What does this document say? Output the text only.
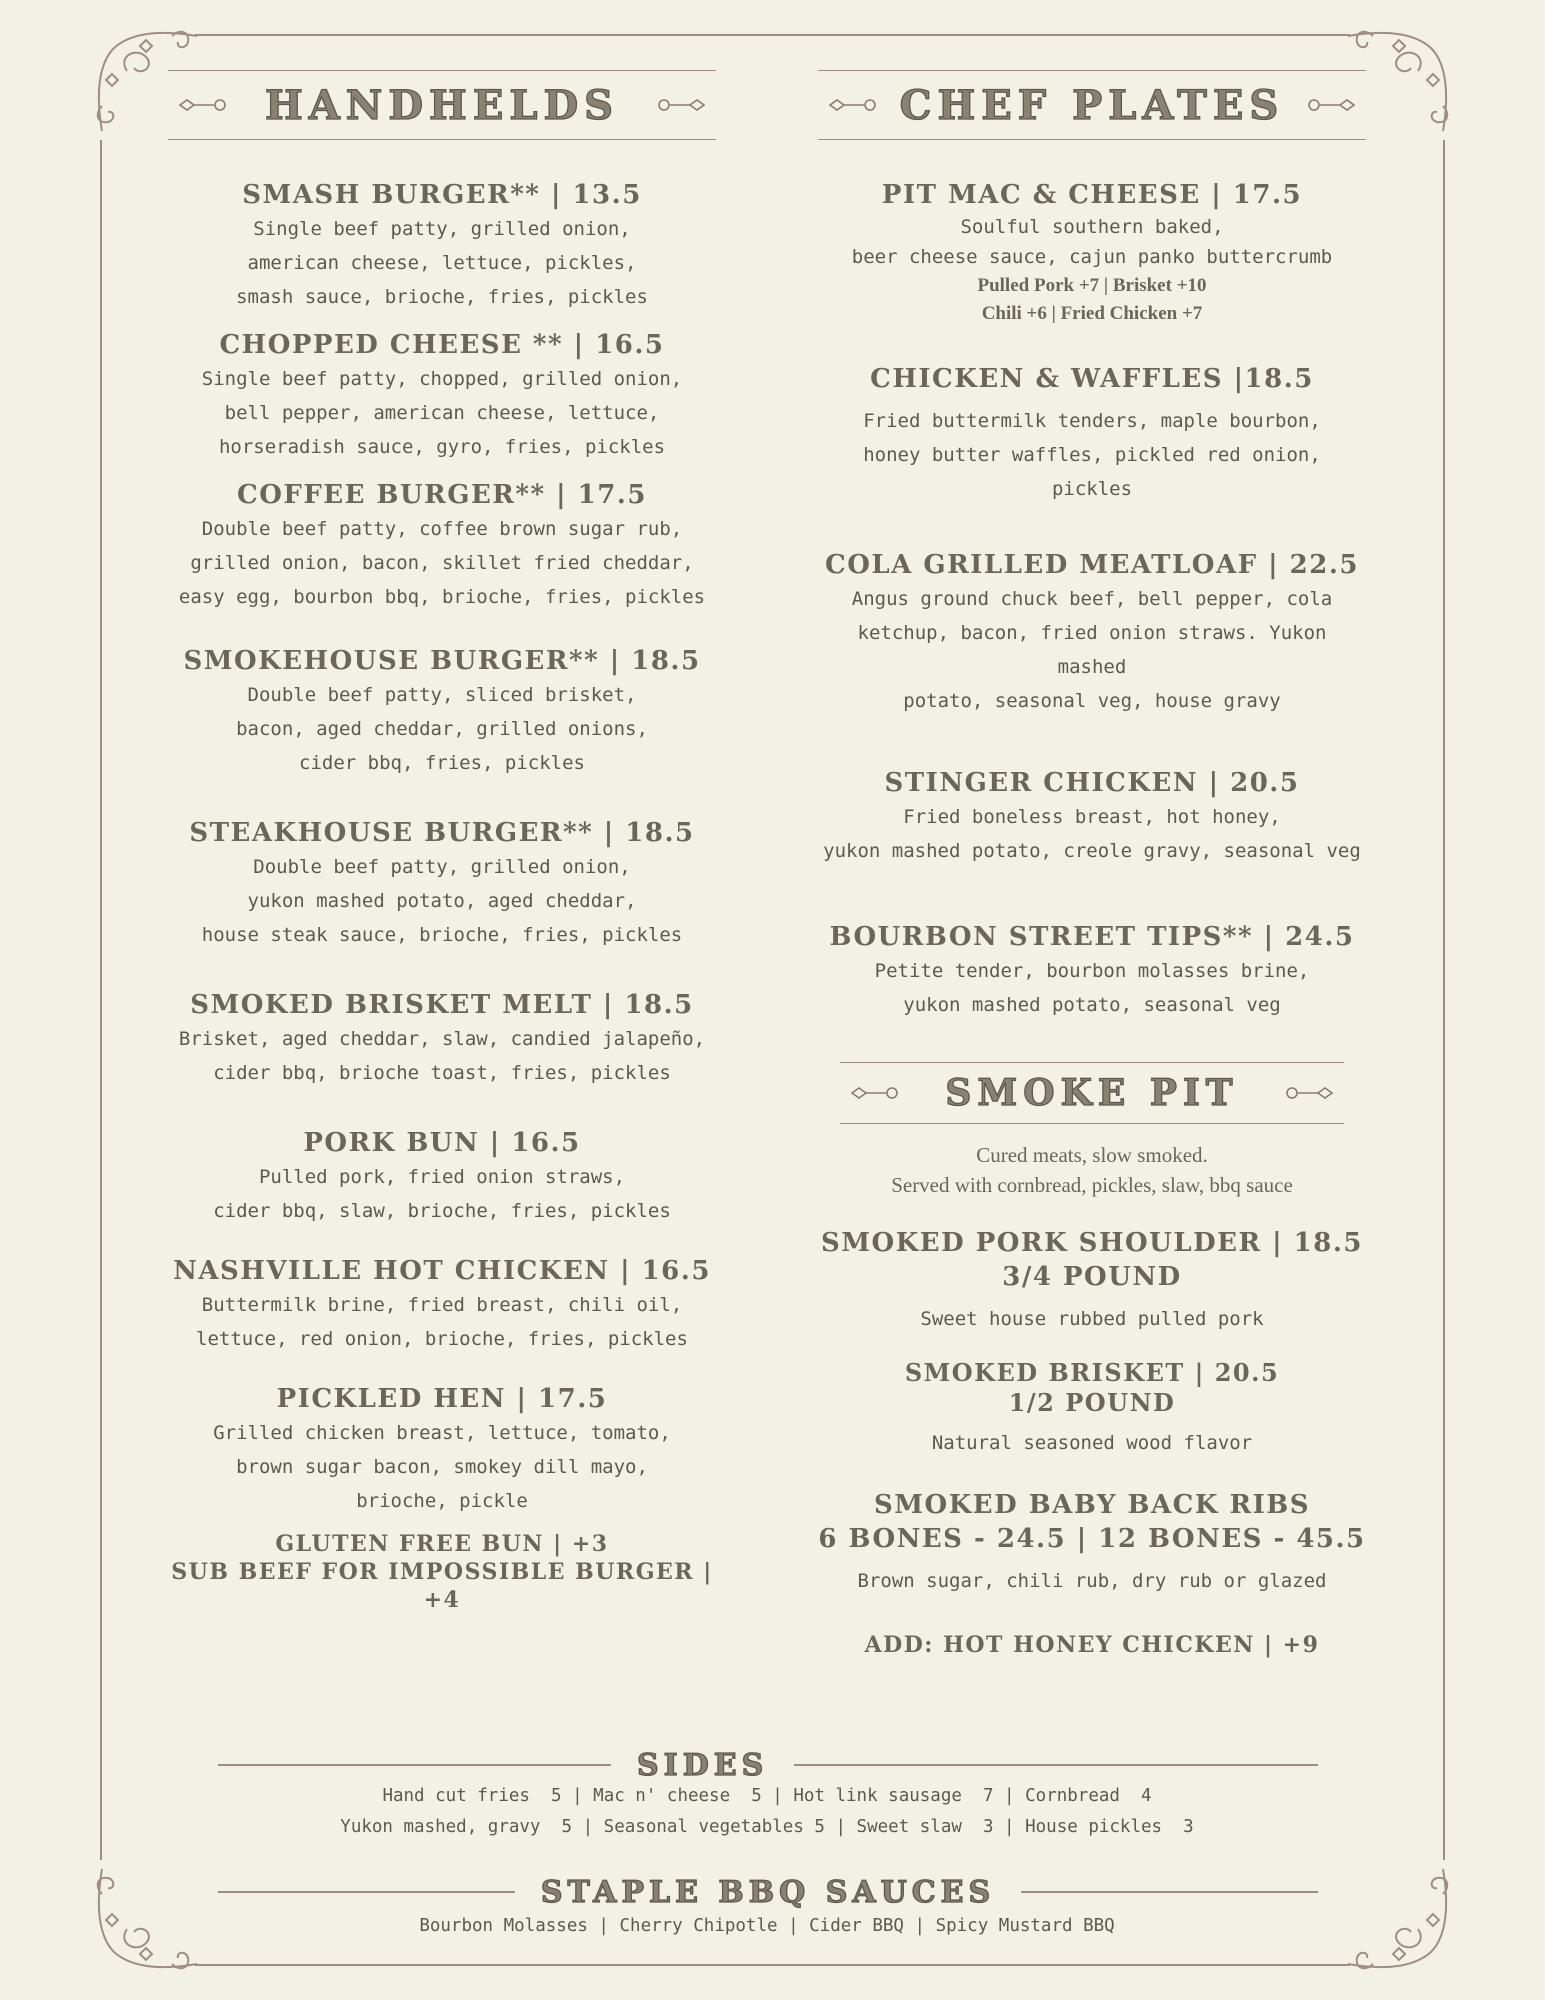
HANDHELDS
SMASH BURGER** | 13.5
Single beef patty, grilled onion,
american cheese, lettuce, pickles,
smash sauce, brioche, fries, pickles
CHOPPED CHEESE ** | 16.5
Single beef patty, chopped, grilled onion,
bell pepper, american cheese, lettuce,
horseradish sauce, gyro, fries, pickles
COFFEE BURGER** | 17.5
Double beef patty, coffee brown sugar rub,
grilled onion, bacon, skillet fried cheddar,
easy egg, bourbon bbq, brioche, fries, pickles
SMOKEHOUSE BURGER** | 18.5
Double beef patty, sliced brisket,
bacon, aged cheddar, grilled onions,
cider bbq, fries, pickles
STEAKHOUSE BURGER** | 18.5
Double beef patty, grilled onion,
yukon mashed potato, aged cheddar,
house steak sauce, brioche, fries, pickles
SMOKED BRISKET MELT | 18.5
Brisket, aged cheddar, slaw, candied jalapeño,
cider bbq, brioche toast, fries, pickles
PORK BUN | 16.5
Pulled pork, fried onion straws,
cider bbq, slaw, brioche, fries, pickles
NASHVILLE HOT CHICKEN | 16.5
Buttermilk brine, fried breast, chili oil,
lettuce, red onion, brioche, fries, pickles
PICKLED HEN | 17.5
Grilled chicken breast, lettuce, tomato,
brown sugar bacon, smokey dill mayo,
brioche, pickle
GLUTEN FREE BUN | +3
SUB BEEF FOR IMPOSSIBLE BURGER | +4
CHEF PLATES
PIT MAC & CHEESE | 17.5
Soulful southern baked,
beer cheese sauce, cajun panko buttercrumb
Pulled Pork +7 | Brisket +10
Chili +6 | Fried Chicken +7
CHICKEN & WAFFLES |18.5
Fried buttermilk tenders, maple bourbon,
honey butter waffles, pickled red onion, pickles
COLA GRILLED MEATLOAF | 22.5
Angus ground chuck beef, bell pepper, cola
ketchup, bacon, fried onion straws. Yukon mashed
potato, seasonal veg, house gravy
STINGER CHICKEN | 20.5
Fried boneless breast, hot honey,
yukon mashed potato, creole gravy, seasonal veg
BOURBON STREET TIPS** | 24.5
Petite tender, bourbon molasses brine,
yukon mashed potato, seasonal veg
SMOKE PIT
Cured meats, slow smoked.
Served with cornbread, pickles, slaw, bbq sauce
SMOKED PORK SHOULDER | 18.5
3/4 POUND
Sweet house rubbed pulled pork
SMOKED BRISKET | 20.5
1/2 POUND
Natural seasoned wood flavor
SMOKED BABY BACK RIBS
6 BONES - 24.5 | 12 BONES - 45.5
Brown sugar, chili rub, dry rub or glazed
ADD: HOT HONEY CHICKEN | +9
SIDES
Hand cut fries  5 | Mac n' cheese  5 | Hot link sausage  7 | Cornbread  4
Yukon mashed, gravy  5 | Seasonal vegetables 5 | Sweet slaw  3 | House pickles  3
STAPLE BBQ SAUCES
Bourbon Molasses | Cherry Chipotle | Cider BBQ | Spicy Mustard BBQ
